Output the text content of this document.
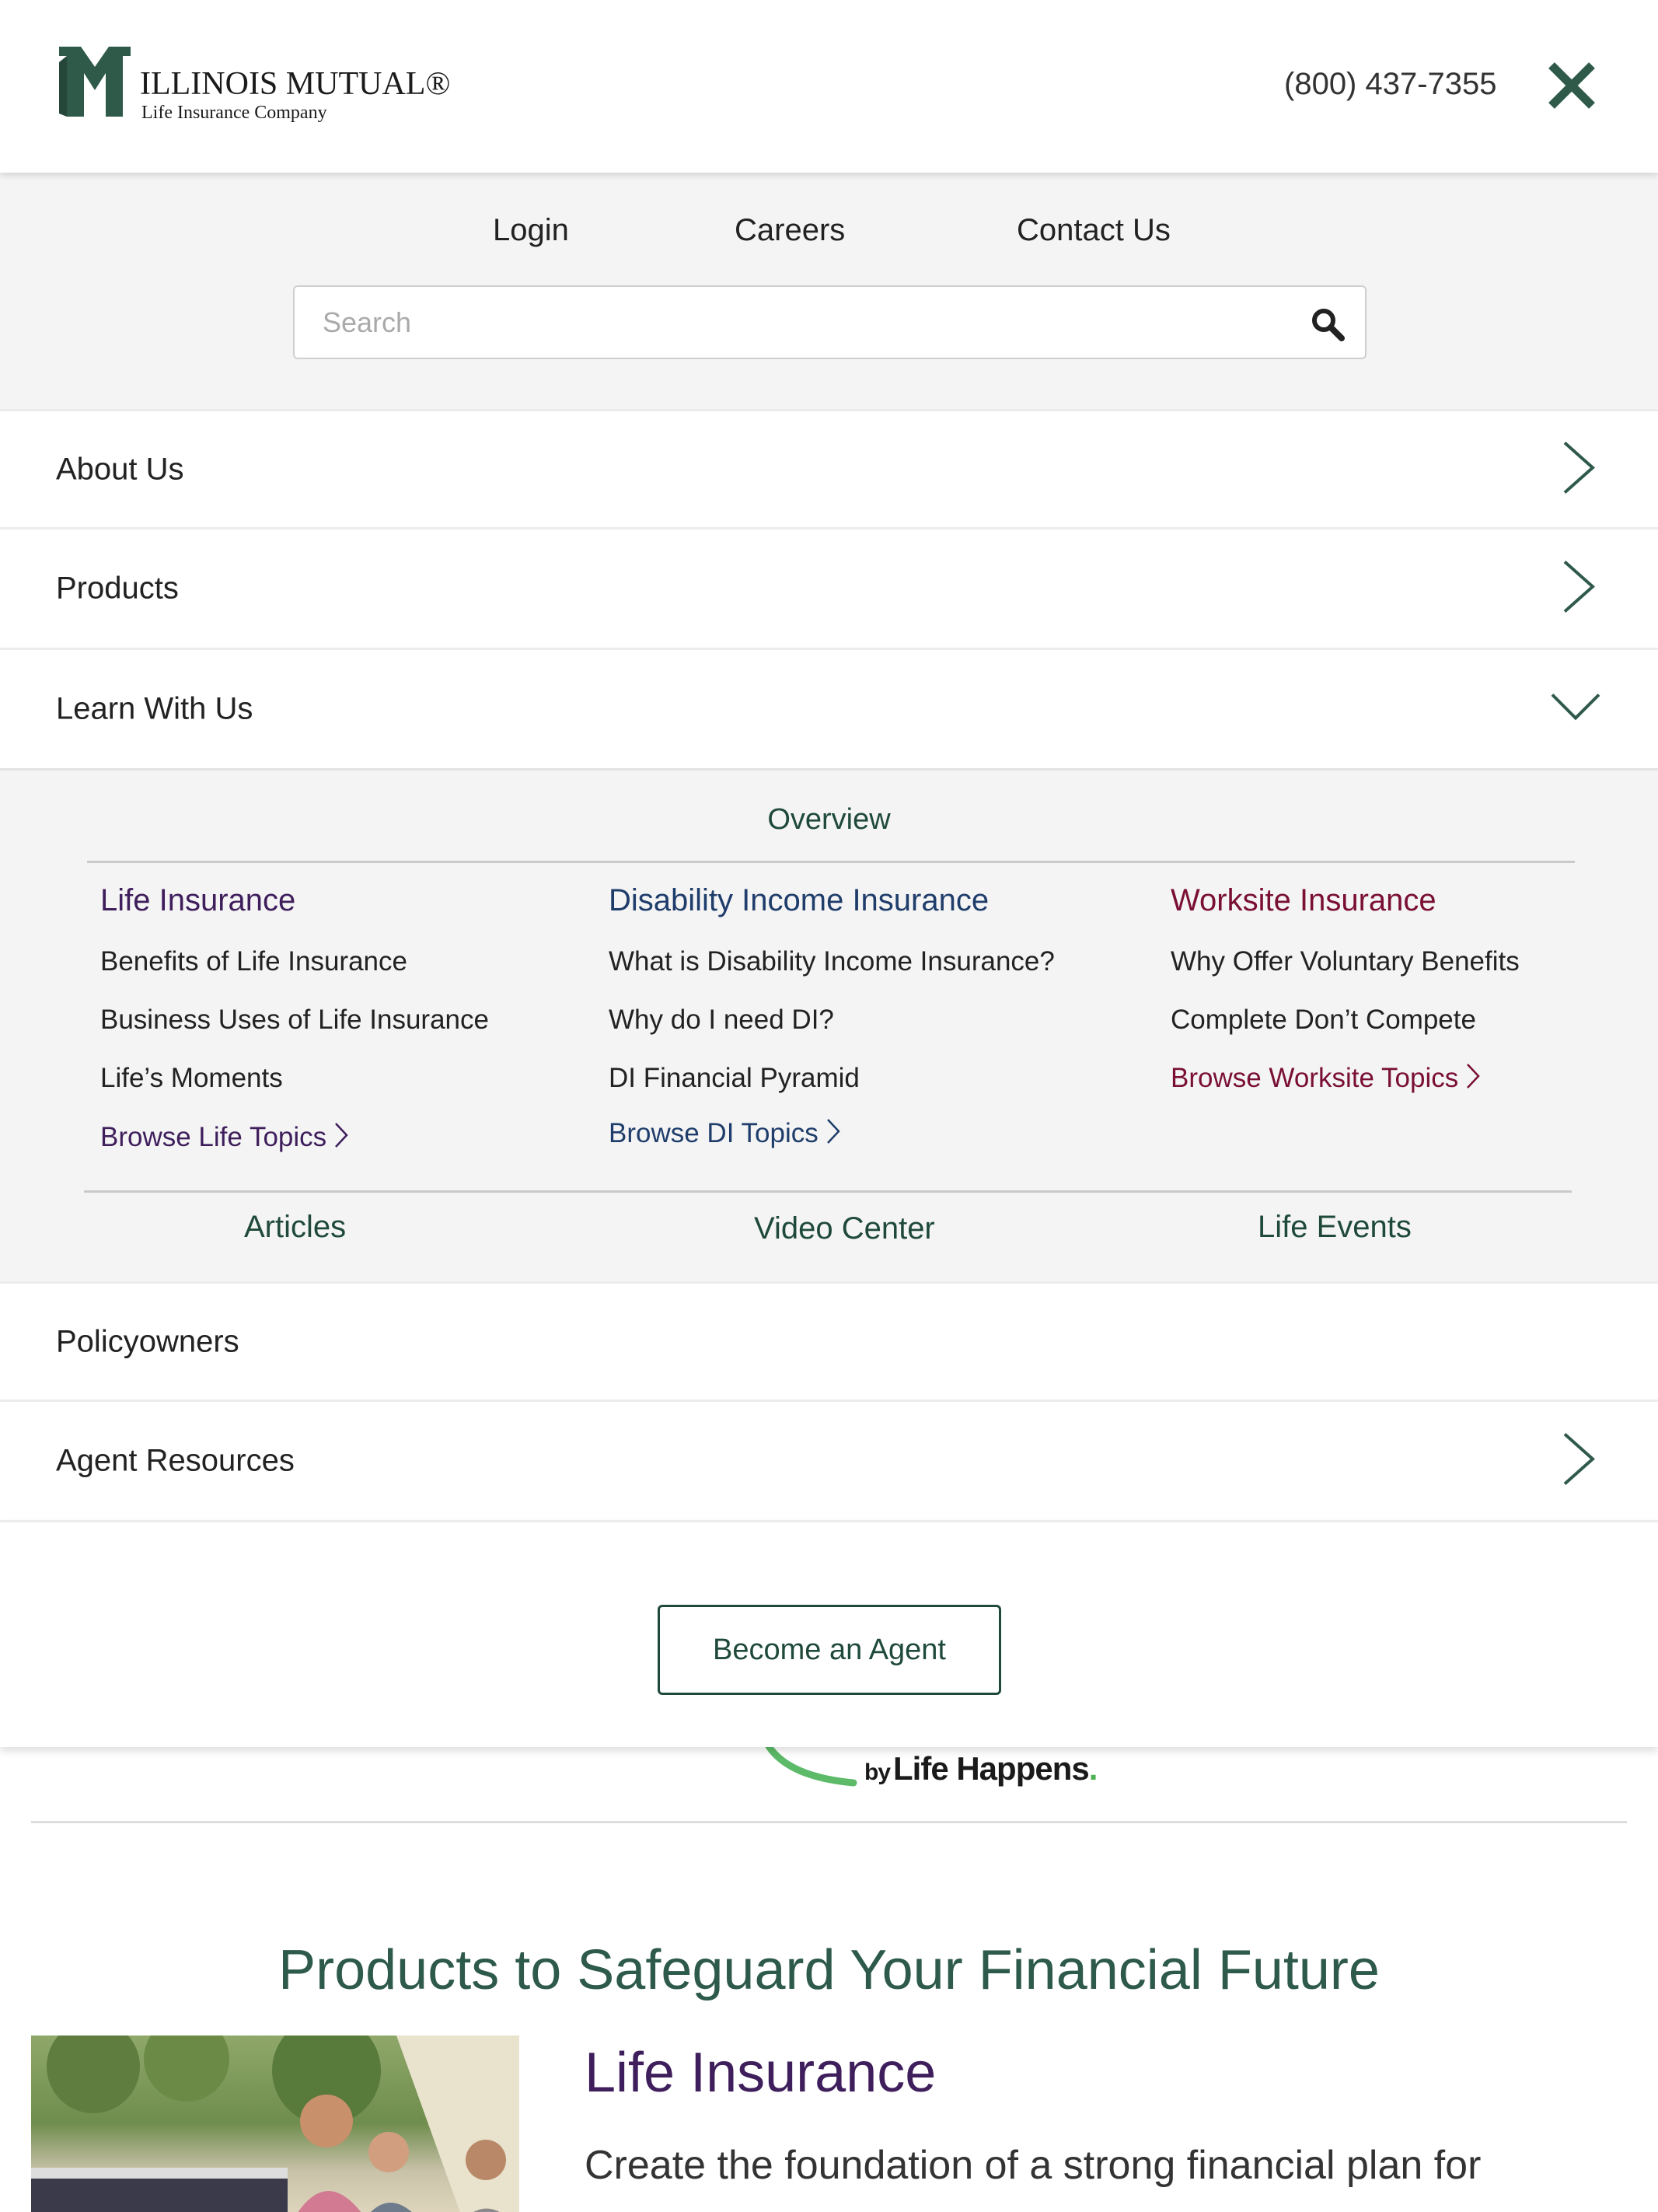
ILLINOIS MUTUAL®
Life Insurance Company
(800) 437-7355
Login	Careers	Contact Us
Search
About Us
Products
Learn With Us
Overview
Life Insurance
Benefits of Life Insurance
Business Uses of Life Insurance
Life’s Moments
Browse Life Topics
Disability Income Insurance
What is Disability Income Insurance?
Why do I need DI?
DI Financial Pyramid
Browse DI Topics
Worksite Insurance
Why Offer Voluntary Benefits
Complete Don’t Compete
Browse Worksite Topics
Articles	Video Center	Life Events
Policyowners
Agent Resources
Become an Agent
byLife Happens.
Products to Safeguard Your Financial Future
Life Insurance
Create the foundation of a strong financial plan for
